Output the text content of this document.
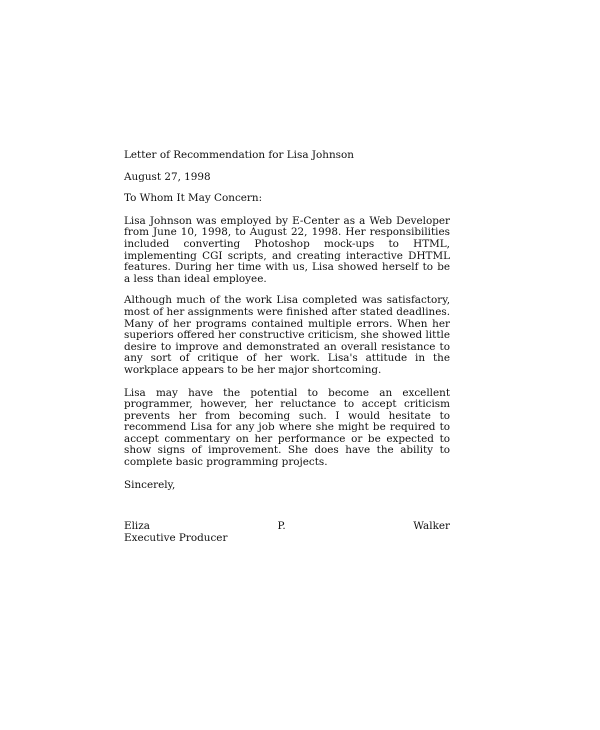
Letter of Recommendation for Lisa Johnson

August 27, 1998

To Whom It May Concern:

Lisa Johnson was employed by E-Center as a Web Developer from June 10, 1998, to August 22, 1998. Her responsibilities included converting Photoshop mock-ups to HTML, implementing CGI scripts, and creating interactive DHTML features. During her time with us, Lisa showed herself to be a less than ideal employee.

Although much of the work Lisa completed was satisfactory, most of her assignments were finished after stated deadlines. Many of her programs contained multiple errors. When her superiors offered her constructive criticism, she showed little desire to improve and demonstrated an overall resistance to any sort of critique of her work. Lisa's attitude in the workplace appears to be her major shortcoming.

Lisa may have the potential to become an excellent programmer, however, her reluctance to accept criticism prevents her from becoming such. I would hesitate to recommend Lisa for any job where she might be required to accept commentary on her performance or be expected to show signs of improvement. She does have the ability to complete basic programming projects.

Sincerely,

Eliza	P.	Walker

Executive Producer
